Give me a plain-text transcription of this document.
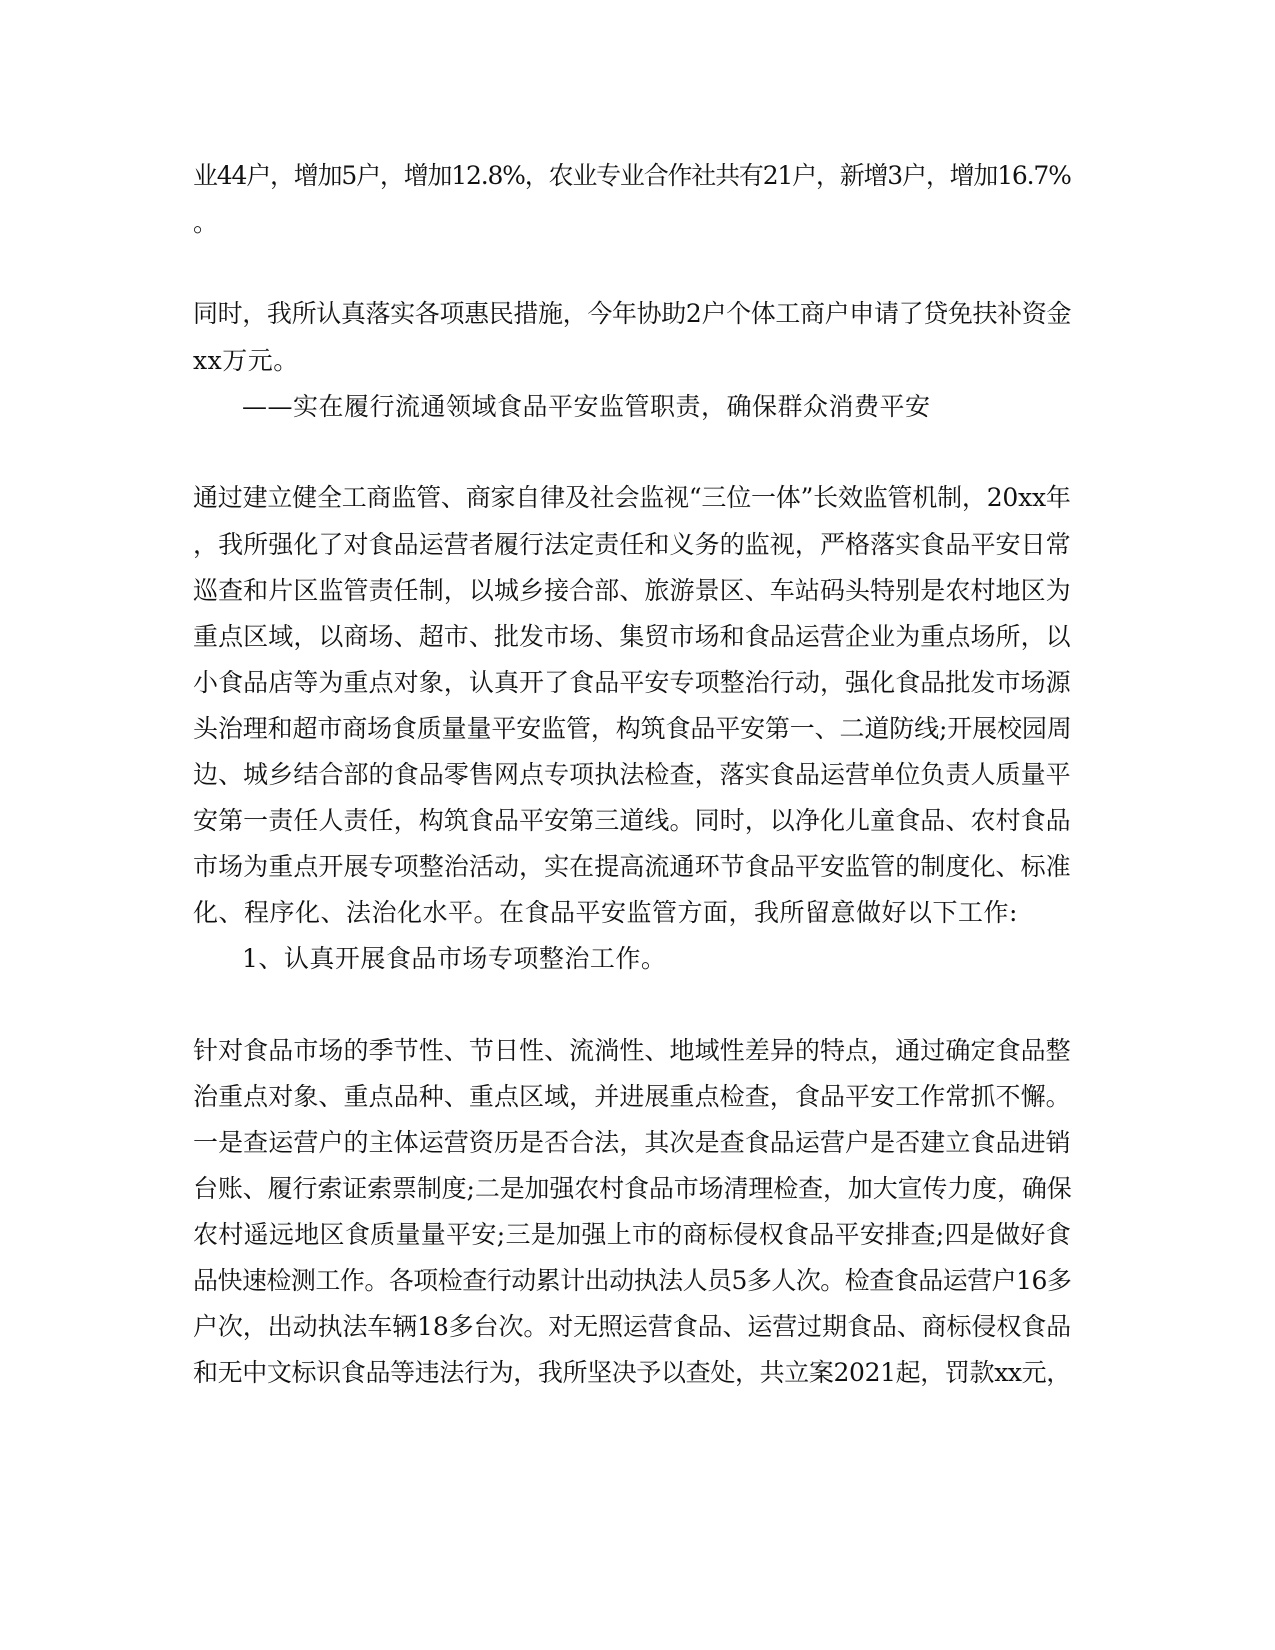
业44户，增加5户，增加12.8%，农业专业合作社共有21户，新增3户，增加16.7%
。
同时，我所认真落实各项惠民措施，今年协助2户个体工商户申请了贷免扶补资金
xx万元。
——实在履行流通领域食品平安监管职责，确保群众消费平安
通过建立健全工商监管、商家自律及社会监视“三位一体”长效监管机制，20xx年
，我所强化了对食品运营者履行法定责任和义务的监视，严格落实食品平安日常
巡查和片区监管责任制，以城乡接合部、旅游景区、车站码头特别是农村地区为
重点区域，以商场、超市、批发市场、集贸市场和食品运营企业为重点场所，以
小食品店等为重点对象，认真开了食品平安专项整治行动，强化食品批发市场源
头治理和超市商场食质量量平安监管，构筑食品平安第一、二道防线;开展校园周
边、城乡结合部的食品零售网点专项执法检查，落实食品运营单位负责人质量平
安第一责任人责任，构筑食品平安第三道线。同时，以净化儿童食品、农村食品
市场为重点开展专项整治活动，实在提高流通环节食品平安监管的制度化、标准
化、程序化、法治化水平。在食品平安监管方面，我所留意做好以下工作:
1、认真开展食品市场专项整治工作。
针对食品市场的季节性、节日性、流淌性、地域性差异的特点，通过确定食品整
治重点对象、重点品种、重点区域，并进展重点检查，食品平安工作常抓不懈。
一是查运营户的主体运营资历是否合法，其次是查食品运营户是否建立食品进销
台账、履行索证索票制度;二是加强农村食品市场清理检查，加大宣传力度，确保
农村遥远地区食质量量平安;三是加强上市的商标侵权食品平安排查;四是做好食
品快速检测工作。各项检查行动累计出动执法人员5多人次。检查食品运营户16多
户次，出动执法车辆18多台次。对无照运营食品、运营过期食品、商标侵权食品
和无中文标识食品等违法行为，我所坚决予以查处，共立案2021起，罚款xx元，
